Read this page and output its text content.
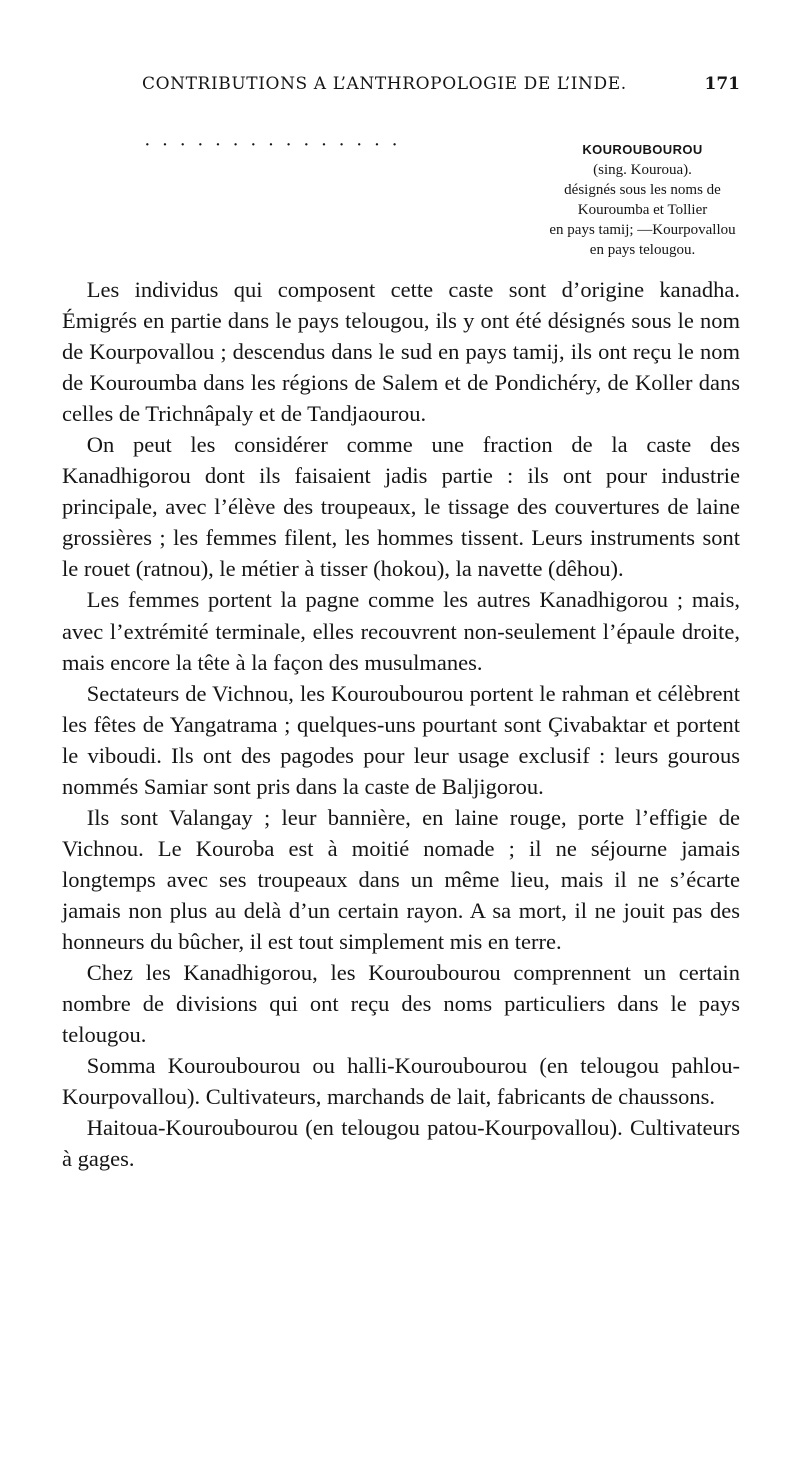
CONTRIBUTIONS A L’ANTHROPOLOGIE DE L’INDE.	171
· · · · · · · · · · · · · · ·	KOUROUBOUROU
(sing. Kouroua).
désignés sous les noms de
Kouroumba et Tollier
en pays tamij; —Kourpovallou
en pays telougou.

Les individus qui composent cette caste sont d’origine kanadha. Émigrés en partie dans le pays telougou, ils y ont été désignés sous le nom de Kourpovallou ; descendus dans le sud en pays tamij, ils ont reçu le nom de Kouroumba dans les régions de Salem et de Pondichéry, de Koller dans celles de Trichnâpaly et de Tandjaourou.

On peut les considérer comme une fraction de la caste des Kanadhigorou dont ils faisaient jadis partie : ils ont pour industrie principale, avec l’élève des troupeaux, le tissage des couvertures de laine grossières ; les femmes filent, les hommes tissent. Leurs instruments sont le rouet (ratnou), le métier à tisser (hokou), la navette (dêhou).

Les femmes portent la pagne comme les autres Kanadhigorou ; mais, avec l’extrémité terminale, elles recouvrent non-seulement l’épaule droite, mais encore la tête à la façon des musulmanes.

Sectateurs de Vichnou, les Kouroubourou portent le rahman et célèbrent les fêtes de Yangatrama ; quelques-uns pourtant sont Çivabaktar et portent le viboudi. Ils ont des pagodes pour leur usage exclusif : leurs gourous nommés Samiar sont pris dans la caste de Baljigorou.

Ils sont Valangay ; leur bannière, en laine rouge, porte l’effigie de Vichnou. Le Kouroba est à moitié nomade ; il ne séjourne jamais longtemps avec ses troupeaux dans un même lieu, mais il ne s’écarte jamais non plus au delà d’un certain rayon. A sa mort, il ne jouit pas des honneurs du bûcher, il est tout simplement mis en terre.

Chez les Kanadhigorou, les Kouroubourou comprennent un certain nombre de divisions qui ont reçu des noms particuliers dans le pays telougou.

Somma Kouroubourou ou halli-Kouroubourou (en telougou pahlou-Kourpovallou). Cultivateurs, marchands de lait, fabricants de chaussons.

Haitoua-Kouroubourou (en telougou patou-Kourpovallou). Cultivateurs à gages.
